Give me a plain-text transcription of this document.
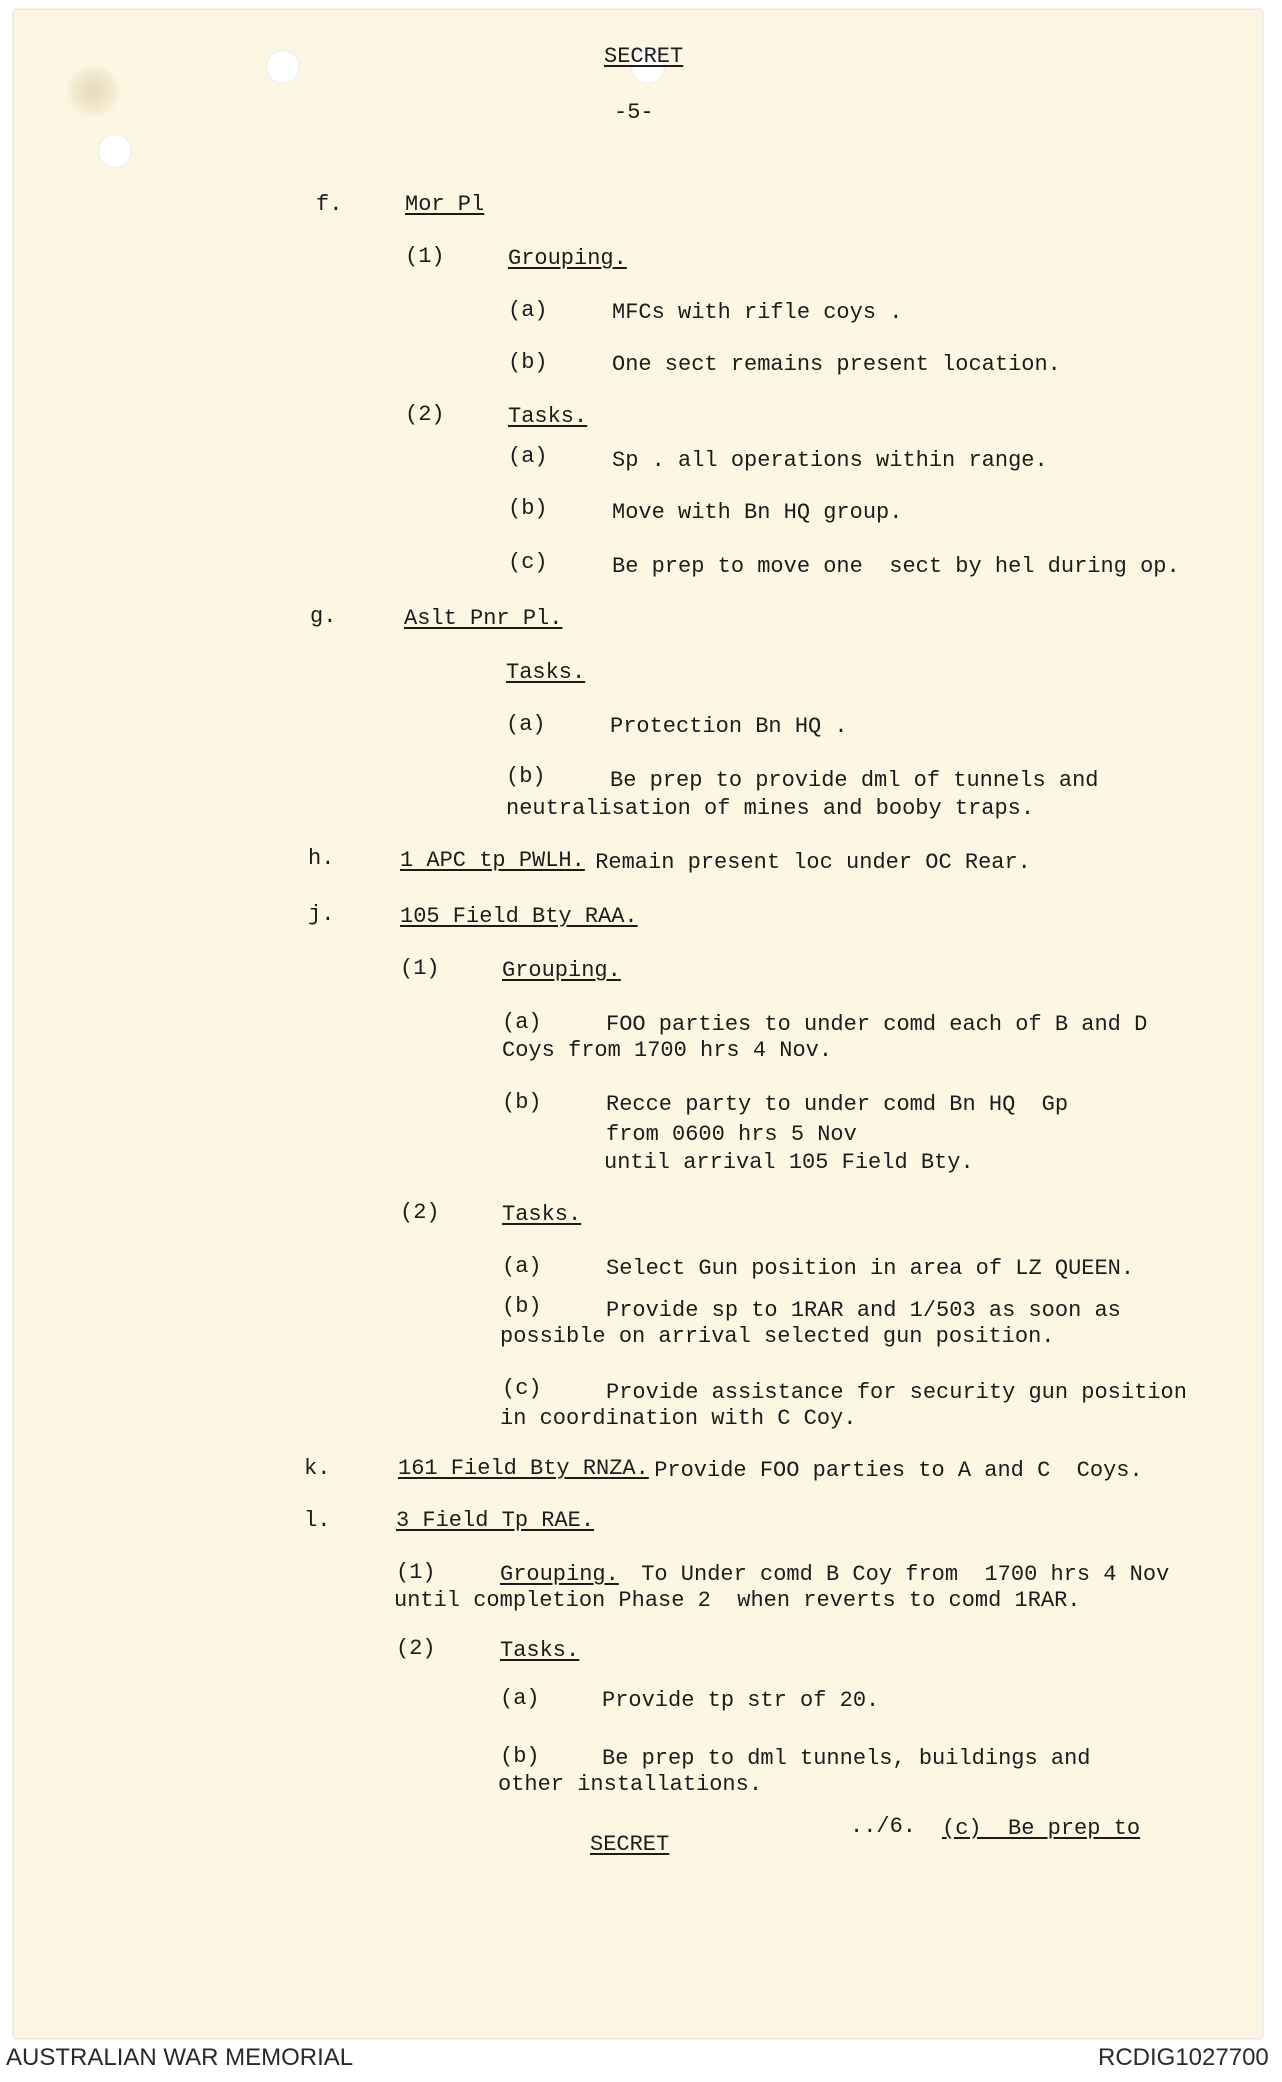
SECRET
-5-
f.	Mor Pl
(1)	Grouping.
(a)	MFCs with rifle coys .
(b)	One sect remains present location.
(2)	Tasks.
(a)	Sp . all operations within range.
(b)	Move with Bn HQ group.
(c)	Be prep to move one  sect by hel during op.
g.	Aslt Pnr Pl.
Tasks.
(a)	Protection Bn HQ .
(b)	Be prep to provide dml of tunnels and
neutralisation of mines and booby traps.
h.	1 APC tp PWLH.
Remain present loc under OC Rear.
j.	105 Field Bty RAA.
(1)	Grouping.
(a)	FOO parties to under comd each of B and D
Coys from 1700 hrs 4 Nov.
(b)	Recce party to under comd Bn HQ  Gp
from 0600 hrs 5 Nov
until arrival 105 Field Bty.
(2)	Tasks.
(a)	Select Gun position in area of LZ QUEEN.
(b)	Provide sp to 1RAR and 1/503 as soon as
possible on arrival selected gun position.
(c)	Provide assistance for security gun position
in coordination with C Coy.
k.	161 Field Bty RNZA.
Provide FOO parties to A and C  Coys.
l.	3 Field Tp RAE.
(1)	Grouping. To Under comd B Coy from  1700 hrs 4 Nov
until completion Phase 2  when reverts to comd 1RAR.
(2)	Tasks.
(a)	Provide tp str of 20.
(b)	Be prep to dml tunnels, buildings and
other installations.
../6. (c)  Be prep to
SECRET
AUSTRALIAN WAR MEMORIAL	RCDIG1027700
